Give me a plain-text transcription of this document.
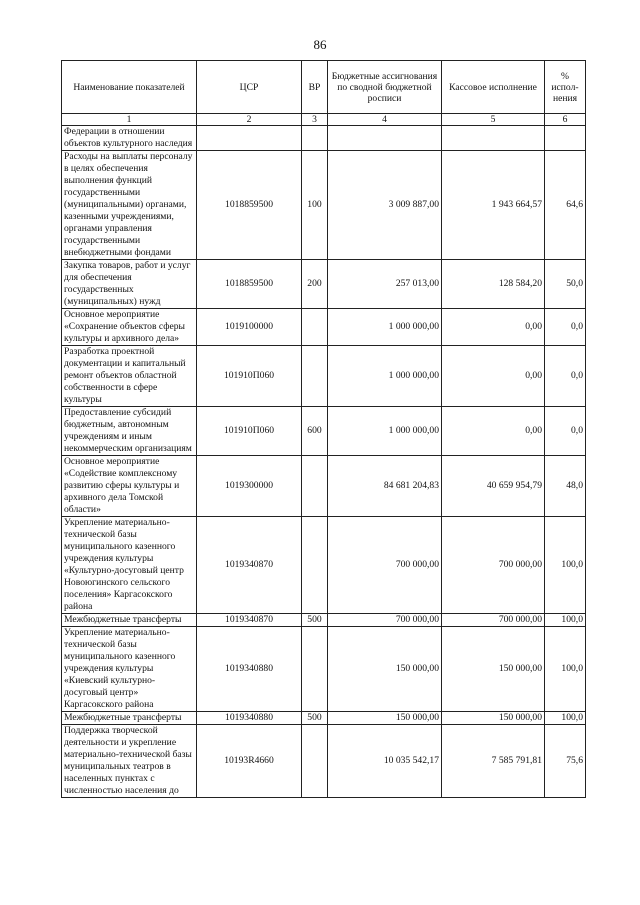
86
Наименование показателей	ЦСР	ВР	Бюджетные ассигнования по сводной бюджетной росписи	Кассовое исполнение	% испол-нения
1	2	3	4	5	6
Федерации в отношении объектов культурного наследия					
Расходы на выплаты персоналу в целях обеспечения выполнения функций государственными (муниципальными) органами, казенными учреждениями, органами управления государственными внебюджетными фондами	1018859500	100	3 009 887,00	1 943 664,57	64,6
Закупка товаров, работ и услуг для обеспечения государственных (муниципальных) нужд	1018859500	200	257 013,00	128 584,20	50,0
Основное мероприятие «Сохранение объектов сферы культуры и архивного дела»	1019100000		1 000 000,00	0,00	0,0
Разработка проектной документации и капитальный ремонт объектов областной собственности в сфере культуры	101910П060		1 000 000,00	0,00	0,0
Предоставление субсидий бюджетным, автономным учреждениям и иным некоммерческим организациям	101910П060	600	1 000 000,00	0,00	0,0
Основное мероприятие «Содействие комплексному развитию сферы культуры и архивного дела Томской области»	1019300000		84 681 204,83	40 659 954,79	48,0
Укрепление материально-технической базы муниципального казенного учреждения культуры «Культурно-досуговый центр Новоюгинского сельского поселения» Каргасокского района	1019340870		700 000,00	700 000,00	100,0
Межбюджетные трансферты	1019340870	500	700 000,00	700 000,00	100,0
Укрепление материально-технической базы муниципального казенного учреждения культуры «Киевский культурно-досуговый центр» Каргасокского района	1019340880		150 000,00	150 000,00	100,0
Межбюджетные трансферты	1019340880	500	150 000,00	150 000,00	100,0
Поддержка творческой деятельности и укрепление материально-технической базы муниципальных театров в населенных пунктах с численностью населения до	10193R4660		10 035 542,17	7 585 791,81	75,6
